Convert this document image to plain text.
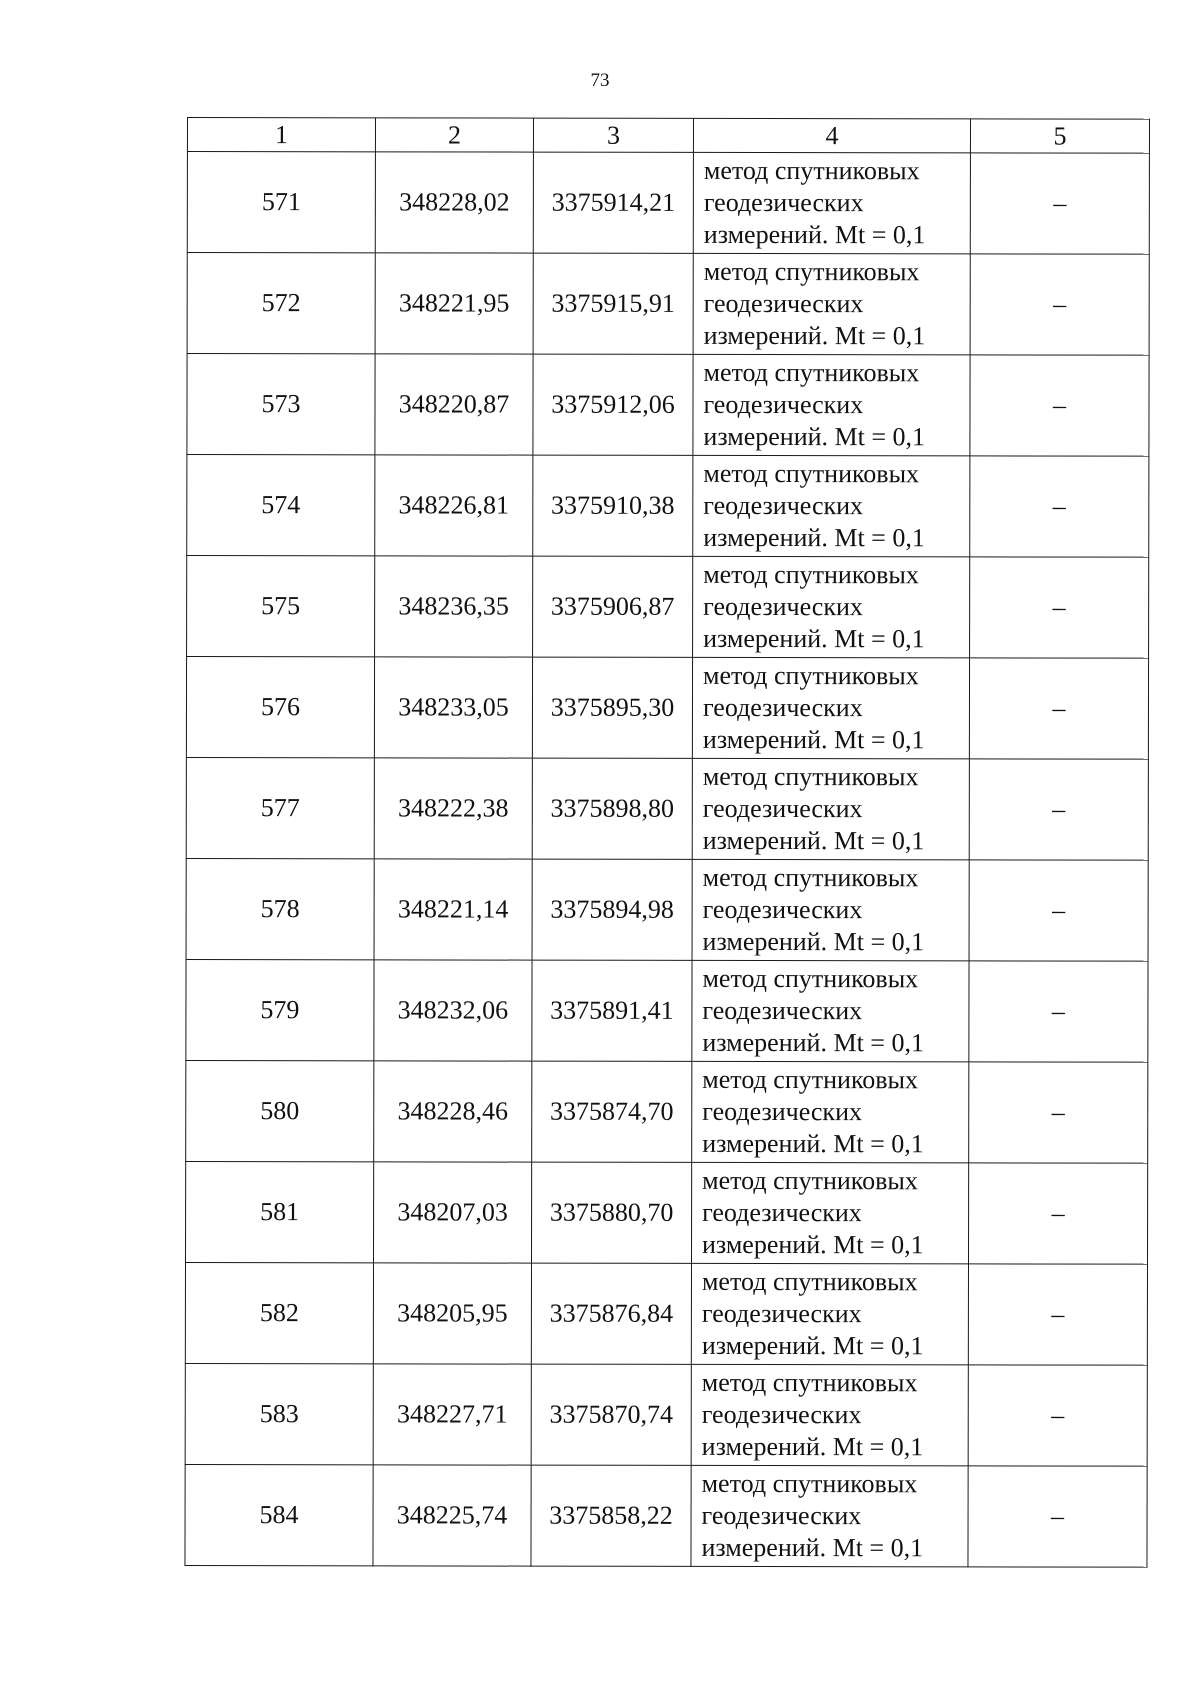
73
1	2	3	4	5
571	348228,02	3375914,21	метод спутниковых
геодезических
измерений. Mt = 0,1	–
572	348221,95	3375915,91	метод спутниковых
геодезических
измерений. Mt = 0,1	–
573	348220,87	3375912,06	метод спутниковых
геодезических
измерений. Mt = 0,1	–
574	348226,81	3375910,38	метод спутниковых
геодезических
измерений. Mt = 0,1	–
575	348236,35	3375906,87	метод спутниковых
геодезических
измерений. Mt = 0,1	–
576	348233,05	3375895,30	метод спутниковых
геодезических
измерений. Mt = 0,1	–
577	348222,38	3375898,80	метод спутниковых
геодезических
измерений. Mt = 0,1	–
578	348221,14	3375894,98	метод спутниковых
геодезических
измерений. Mt = 0,1	–
579	348232,06	3375891,41	метод спутниковых
геодезических
измерений. Mt = 0,1	–
580	348228,46	3375874,70	метод спутниковых
геодезических
измерений. Mt = 0,1	–
581	348207,03	3375880,70	метод спутниковых
геодезических
измерений. Mt = 0,1	–
582	348205,95	3375876,84	метод спутниковых
геодезических
измерений. Mt = 0,1	–
583	348227,71	3375870,74	метод спутниковых
геодезических
измерений. Mt = 0,1	–
584	348225,74	3375858,22	метод спутниковых
геодезических
измерений. Mt = 0,1	–
